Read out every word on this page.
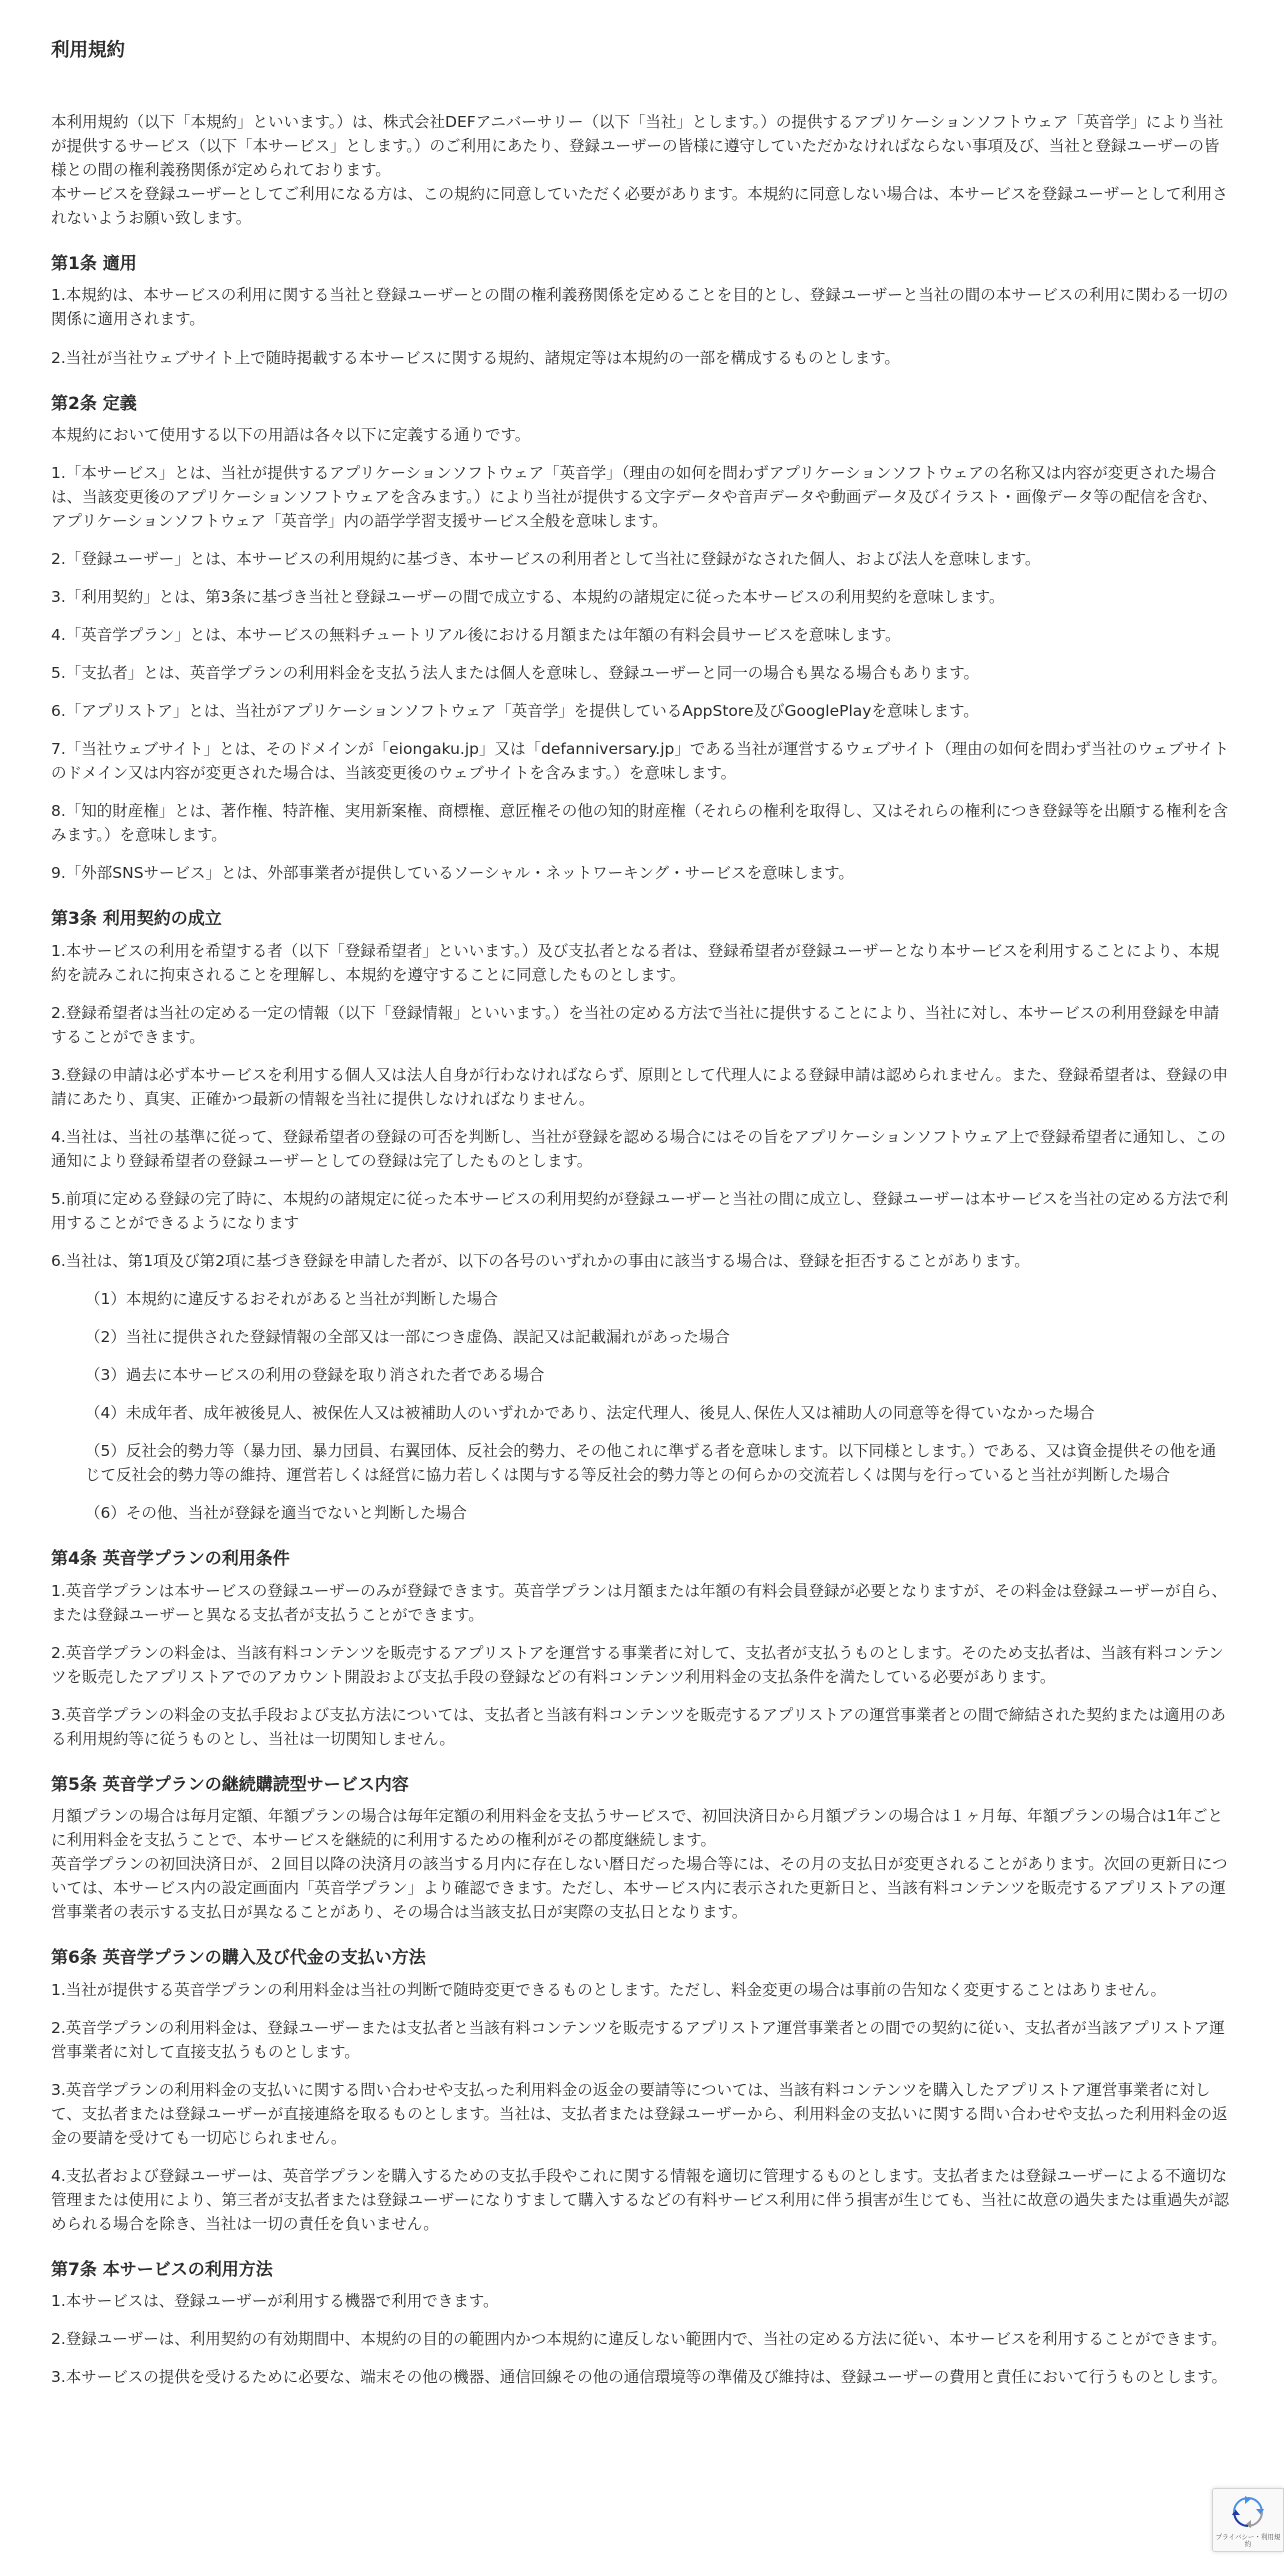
利用規約

本利用規約（以下「本規約」といいます。）は、株式会社DEFアニバーサリー（以下「当社」とします。）の提供するアプリケーションソフトウェア「英音学」により当社が提供するサービス（以下「本サービス」とします。）のご利用にあたり、登録ユーザーの皆様に遵守していただかなければならない事項及び、当社と登録ユーザーの皆様との間の権利義務関係が定められております。

本サービスを登録ユーザーとしてご利用になる方は、この規約に同意していただく必要があります。本規約に同意しない場合は、本サービスを登録ユーザーとして利用されないようお願い致します。

第1条 適用

1.本規約は、本サービスの利用に関する当社と登録ユーザーとの間の権利義務関係を定めることを目的とし、登録ユーザーと当社の間の本サービスの利用に関わる一切の関係に適用されます。

2.当社が当社ウェブサイト上で随時掲載する本サービスに関する規約、諸規定等は本規約の一部を構成するものとします。

第2条 定義

本規約において使用する以下の用語は各々以下に定義する通りです。

1.「本サービス」とは、当社が提供するアプリケーションソフトウェア「英音学」（理由の如何を問わずアプリケーションソフトウェアの名称又は内容が変更された場合は、当該変更後のアプリケーションソフトウェアを含みます。）により当社が提供する文字データや音声データや動画データ及びイラスト・画像データ等の配信を含む、アプリケーションソフトウェア「英音学」内の語学学習支援サービス全般を意味します。

2.「登録ユーザー」とは、本サービスの利用規約に基づき、本サービスの利用者として当社に登録がなされた個人、および法人を意味します。

3.「利用契約」とは、第3条に基づき当社と登録ユーザーの間で成立する、本規約の諸規定に従った本サービスの利用契約を意味します。

4.「英音学プラン」とは、本サービスの無料チュートリアル後における月額または年額の有料会員サービスを意味します。

5.「支払者」とは、英音学プランの利用料金を支払う法人または個人を意味し、登録ユーザーと同一の場合も異なる場合もあります。

6.「アプリストア」とは、当社がアプリケーションソフトウェア「英音学」を提供しているAppStore及びGooglePlayを意味します。

7.「当社ウェブサイト」とは、そのドメインが「eiongaku.jp」又は「defanniversary.jp」である当社が運営するウェブサイト（理由の如何を問わず当社のウェブサイトのドメイン又は内容が変更された場合は、当該変更後のウェブサイトを含みます。）を意味します。

8.「知的財産権」とは、著作権、特許権、実用新案権、商標権、意匠権その他の知的財産権（それらの権利を取得し、又はそれらの権利につき登録等を出願する権利を含みます。）を意味します。

9.「外部SNSサービス」とは、外部事業者が提供しているソーシャル・ネットワーキング・サービスを意味します。

第3条 利用契約の成立

1.本サービスの利用を希望する者（以下「登録希望者」といいます。）及び支払者となる者は、登録希望者が登録ユーザーとなり本サービスを利用することにより、本規約を読みこれに拘束されることを理解し、本規約を遵守することに同意したものとします。

2.登録希望者は当社の定める一定の情報（以下「登録情報」といいます。）を当社の定める方法で当社に提供することにより、当社に対し、本サービスの利用登録を申請することができます。

3.登録の申請は必ず本サービスを利用する個人又は法人自身が行わなければならず、原則として代理人による登録申請は認められません。また、登録希望者は、登録の申請にあたり、真実、正確かつ最新の情報を当社に提供しなければなりません。

4.当社は、当社の基準に従って、登録希望者の登録の可否を判断し、当社が登録を認める場合にはその旨をアプリケーションソフトウェア上で登録希望者に通知し、この通知により登録希望者の登録ユーザーとしての登録は完了したものとします。

5.前項に定める登録の完了時に、本規約の諸規定に従った本サービスの利用契約が登録ユーザーと当社の間に成立し、登録ユーザーは本サービスを当社の定める方法で利用することができるようになります

6.当社は、第1項及び第2項に基づき登録を申請した者が、以下の各号のいずれかの事由に該当する場合は、登録を拒否することがあります。

（1）本規約に違反するおそれがあると当社が判断した場合

（2）当社に提供された登録情報の全部又は一部につき虚偽、誤記又は記載漏れがあった場合

（3）過去に本サービスの利用の登録を取り消された者である場合

（4）未成年者、成年被後見人、被保佐人又は被補助人のいずれかであり、法定代理人、後見人､保佐人又は補助人の同意等を得ていなかった場合

（5）反社会的勢力等（暴力団、暴力団員、右翼団体、反社会的勢力、その他これに準ずる者を意味します。以下同様とします。）である、又は資金提供その他を通じて反社会的勢力等の維持、運営若しくは経営に協力若しくは関与する等反社会的勢力等との何らかの交流若しくは関与を行っていると当社が判断した場合

（6）その他、当社が登録を適当でないと判断した場合

第4条 英音学プランの利用条件

1.英音学プランは本サービスの登録ユーザーのみが登録できます。英音学プランは月額または年額の有料会員登録が必要となりますが、その料金は登録ユーザーが自ら、または登録ユーザーと異なる支払者が支払うことができます。

2.英音学プランの料金は、当該有料コンテンツを販売するアプリストアを運営する事業者に対して、支払者が支払うものとします。そのため支払者は、当該有料コンテンツを販売したアプリストアでのアカウント開設および支払手段の登録などの有料コンテンツ利用料金の支払条件を満たしている必要があります。

3.英音学プランの料金の支払手段および支払方法については、支払者と当該有料コンテンツを販売するアプリストアの運営事業者との間で締結された契約または適用のある利用規約等に従うものとし、当社は一切関知しません。

第5条 英音学プランの継続購読型サービス内容

月額プランの場合は毎月定額、年額プランの場合は毎年定額の利用料金を支払うサービスで、初回決済日から月額プランの場合は１ヶ月毎、年額プランの場合は1年ごとに利用料金を支払うことで、本サービスを継続的に利用するための権利がその都度継続します。

英音学プランの初回決済日が、２回目以降の決済月の該当する月内に存在しない暦日だった場合等には、その月の支払日が変更されることがあります。次回の更新日については、本サービス内の設定画面内「英音学プラン」より確認できます。ただし、本サービス内に表示された更新日と、当該有料コンテンツを販売するアプリストアの運営事業者の表示する支払日が異なることがあり、その場合は当該支払日が実際の支払日となります。

第6条 英音学プランの購入及び代金の支払い方法

1.当社が提供する英音学プランの利用料金は当社の判断で随時変更できるものとします。ただし、料金変更の場合は事前の告知なく変更することはありません。

2.英音学プランの利用料金は、登録ユーザーまたは支払者と当該有料コンテンツを販売するアプリストア運営事業者との間での契約に従い、支払者が当該アプリストア運営事業者に対して直接支払うものとします。

3.英音学プランの利用料金の支払いに関する問い合わせや支払った利用料金の返金の要請等については、当該有料コンテンツを購入したアプリストア運営事業者に対して、支払者または登録ユーザーが直接連絡を取るものとします。当社は、支払者または登録ユーザーから、利用料金の支払いに関する問い合わせや支払った利用料金の返金の要請を受けても一切応じられません。

4.支払者および登録ユーザーは、英音学プランを購入するための支払手段やこれに関する情報を適切に管理するものとします。支払者または登録ユーザーによる不適切な管理または使用により、第三者が支払者または登録ユーザーになりすまして購入するなどの有料サービス利用に伴う損害が生じても、当社に故意の過失または重過失が認められる場合を除き、当社は一切の責任を負いません。

第7条 本サービスの利用方法

1.本サービスは、登録ユーザーが利用する機器で利用できます。

2.登録ユーザーは、利用契約の有効期間中、本規約の目的の範囲内かつ本規約に違反しない範囲内で、当社の定める方法に従い、本サービスを利用することができます。

3.本サービスの提供を受けるために必要な、端末その他の機器、通信回線その他の通信環境等の準備及び維持は、登録ユーザーの費用と責任において行うものとします。

プライバシー・利用規約
